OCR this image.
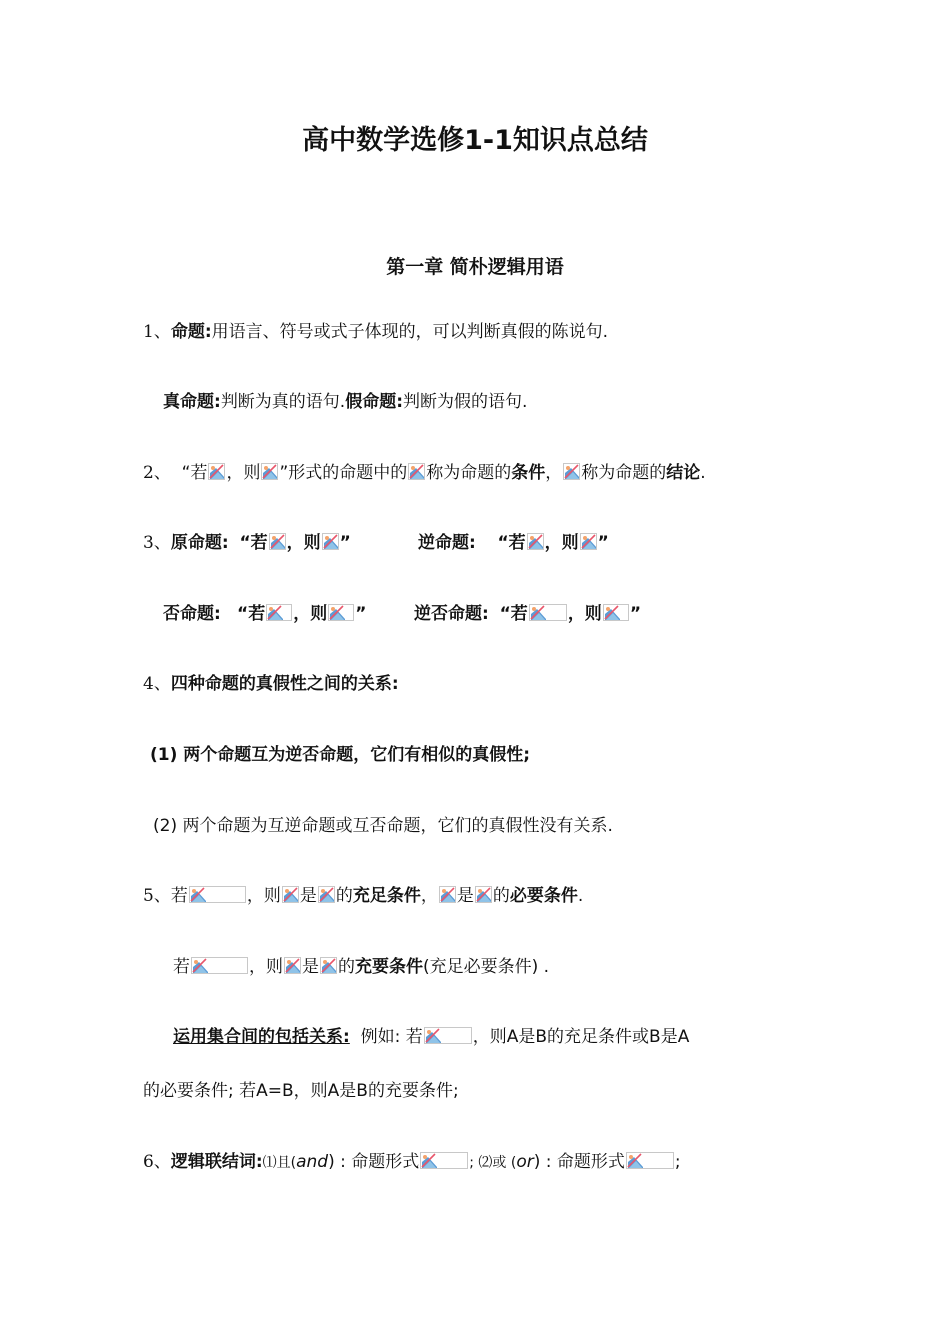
高中数学选修1-1知识点总结
第一章 简朴逻辑用语
1、命题:用语言、符号或式子体现的，可以判断真假的陈说句.
真命题:判断为真的语句.假命题:判断为假的语句.
2、 “若 ，则 ”形式的命题中的 称为命题的条件， 称为命题的结论.
3、原命题: “若 ，则 ”	逆命题: “若 ，则 ”
否命题: “若 ，则 ”	逆否命题: “若 ，则 ”
4、四种命题的真假性之间的关系:
(1) 两个命题互为逆否命题，它们有相似的真假性;
(2) 两个命题为互逆命题或互否命题，它们的真假性没有关系.
5、若	，则 是 的充足条件， 是 的必要条件.
若	，则 是 的充要条件(充足必要条件) .
运用集合间的包括关系: 例如: 若	，则A是B的充足条件或B是A
的必要条件; 若A=B，则A是B的充要条件;
6、逻辑联结词:⑴且(and) : 命题形式	; ⑵或 (or) : 命题形式	;
